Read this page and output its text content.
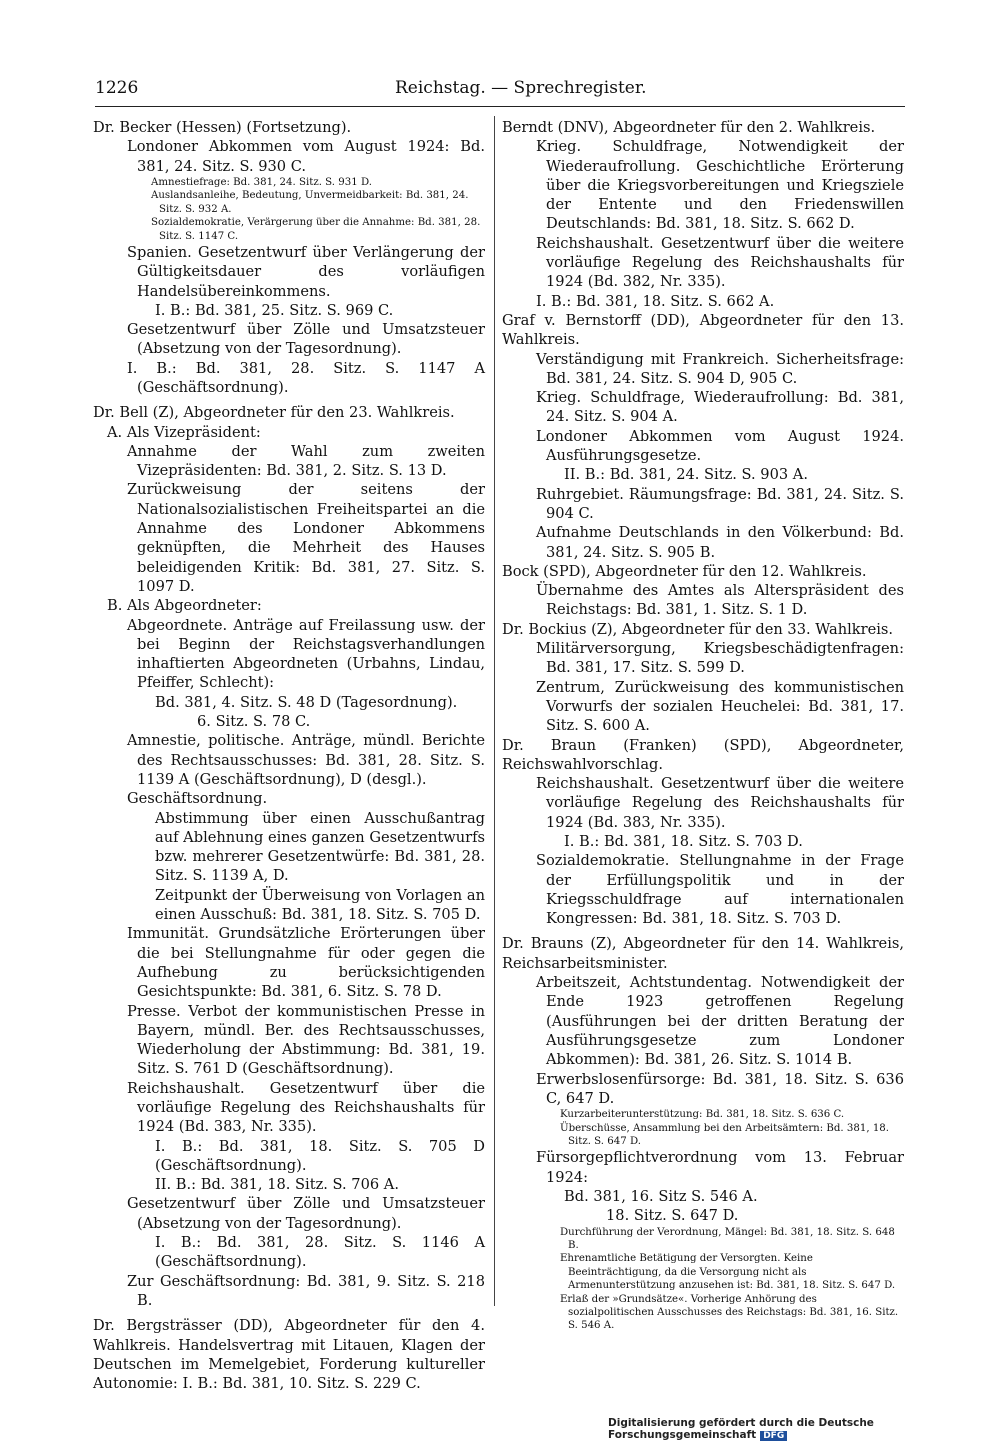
1226	Reichstag. — Sprechregister.
Dr. Becker (Hessen) (Fortsetzung).
Londoner Abkommen vom August 1924: Bd. 381, 24. Sitz. S. 930 C.
Amnestiefrage: Bd. 381, 24. Sitz. S. 931 D.
Auslandsanleihe, Bedeutung, Unvermeidbarkeit: Bd. 381, 24. Sitz. S. 932 A.
Sozialdemokratie, Verärgerung über die Annahme: Bd. 381, 28. Sitz. S. 1147 C.
Spanien. Gesetzentwurf über Verlängerung der Gültigkeitsdauer des vorläufigen Handelsübereinkommens.
I. B.: Bd. 381, 25. Sitz. S. 969 C.
Gesetzentwurf über Zölle und Umsatzsteuer (Absetzung von der Tagesordnung).
I. B.: Bd. 381, 28. Sitz. S. 1147 A (Geschäftsordnung).
Dr. Bell (Z), Abgeordneter für den 23. Wahlkreis.
A. Als Vizepräsident:
Annahme der Wahl zum zweiten Vizepräsidenten: Bd. 381, 2. Sitz. S. 13 D.
Zurückweisung der seitens der Nationalsozialistischen Freiheitspartei an die Annahme des Londoner Abkommens geknüpften, die Mehrheit des Hauses beleidigenden Kritik: Bd. 381, 27. Sitz. S. 1097 D.
B. Als Abgeordneter:
Abgeordnete. Anträge auf Freilassung usw. der bei Beginn der Reichstagsverhandlungen inhaftierten Abgeordneten (Urbahns, Lindau, Pfeiffer, Schlecht):
Bd. 381, 4. Sitz. S. 48 D (Tagesordnung).
6. Sitz. S. 78 C.
Amnestie, politische. Anträge, mündl. Berichte des Rechtsausschusses: Bd. 381, 28. Sitz. S. 1139 A (Geschäftsordnung), D (desgl.).
Geschäftsordnung.
Abstimmung über einen Ausschußantrag auf Ablehnung eines ganzen Gesetzentwurfs bzw. mehrerer Gesetzentwürfe: Bd. 381, 28. Sitz. S. 1139 A, D.
Zeitpunkt der Überweisung von Vorlagen an einen Ausschuß: Bd. 381, 18. Sitz. S. 705 D.
Immunität. Grundsätzliche Erörterungen über die bei Stellungnahme für oder gegen die Aufhebung zu berücksichtigenden Gesichtspunkte: Bd. 381, 6. Sitz. S. 78 D.
Presse. Verbot der kommunistischen Presse in Bayern, mündl. Ber. des Rechtsausschusses, Wiederholung der Abstimmung: Bd. 381, 19. Sitz. S. 761 D (Geschäftsordnung).
Reichshaushalt. Gesetzentwurf über die vorläufige Regelung des Reichshaushalts für 1924 (Bd. 383, Nr. 335).
I. B.: Bd. 381, 18. Sitz. S. 705 D (Geschäftsordnung).
II. B.: Bd. 381, 18. Sitz. S. 706 A.
Gesetzentwurf über Zölle und Umsatzsteuer (Absetzung von der Tagesordnung).
I. B.: Bd. 381, 28. Sitz. S. 1146 A (Geschäftsordnung).
Zur Geschäftsordnung: Bd. 381, 9. Sitz. S. 218 B.
Dr. Bergsträsser (DD), Abgeordneter für den 4. Wahlkreis. Handelsvertrag mit Litauen, Klagen der Deutschen im Memelgebiet, Forderung kultureller Autonomie: I. B.: Bd. 381, 10. Sitz. S. 229 C.
Berndt (DNV), Abgeordneter für den 2. Wahlkreis.
Krieg. Schuldfrage, Notwendigkeit der Wiederaufrollung. Geschichtliche Erörterung über die Kriegsvorbereitungen und Kriegsziele der Entente und den Friedenswillen Deutschlands: Bd. 381, 18. Sitz. S. 662 D.
Reichshaushalt. Gesetzentwurf über die weitere vorläufige Regelung des Reichshaushalts für 1924 (Bd. 382, Nr. 335).
I. B.: Bd. 381, 18. Sitz. S. 662 A.
Graf v. Bernstorff (DD), Abgeordneter für den 13. Wahlkreis.
Verständigung mit Frankreich. Sicherheitsfrage: Bd. 381, 24. Sitz. S. 904 D, 905 C.
Krieg. Schuldfrage, Wiederaufrollung: Bd. 381, 24. Sitz. S. 904 A.
Londoner Abkommen vom August 1924. Ausführungsgesetze.
II. B.: Bd. 381, 24. Sitz. S. 903 A.
Ruhrgebiet. Räumungsfrage: Bd. 381, 24. Sitz. S. 904 C.
Aufnahme Deutschlands in den Völkerbund: Bd. 381, 24. Sitz. S. 905 B.
Bock (SPD), Abgeordneter für den 12. Wahlkreis.
Übernahme des Amtes als Alterspräsident des Reichstags: Bd. 381, 1. Sitz. S. 1 D.
Dr. Bockius (Z), Abgeordneter für den 33. Wahlkreis.
Militärversorgung, Kriegsbeschädigtenfragen: Bd. 381, 17. Sitz. S. 599 D.
Zentrum, Zurückweisung des kommunistischen Vorwurfs der sozialen Heuchelei: Bd. 381, 17. Sitz. S. 600 A.
Dr. Braun (Franken) (SPD), Abgeordneter, Reichswahlvorschlag.
Reichshaushalt. Gesetzentwurf über die weitere vorläufige Regelung des Reichshaushalts für 1924 (Bd. 383, Nr. 335).
I. B.: Bd. 381, 18. Sitz. S. 703 D.
Sozialdemokratie. Stellungnahme in der Frage der Erfüllungspolitik und in der Kriegsschuldfrage auf internationalen Kongressen: Bd. 381, 18. Sitz. S. 703 D.
Dr. Brauns (Z), Abgeordneter für den 14. Wahlkreis, Reichsarbeitsminister.
Arbeitszeit, Achtstundentag. Notwendigkeit der Ende 1923 getroffenen Regelung (Ausführungen bei der dritten Beratung der Ausführungsgesetze zum Londoner Abkommen): Bd. 381, 26. Sitz. S. 1014 B.
Erwerbslosenfürsorge: Bd. 381, 18. Sitz. S. 636 C, 647 D.
Kurzarbeiterunterstützung: Bd. 381, 18. Sitz. S. 636 C.
Überschüsse, Ansammlung bei den Arbeitsämtern: Bd. 381, 18. Sitz. S. 647 D.
Fürsorgepflichtverordnung vom 13. Februar 1924:
Bd. 381, 16. Sitz S. 546 A.
18. Sitz. S. 647 D.
Durchführung der Verordnung, Mängel: Bd. 381, 18. Sitz. S. 648 B.
Ehrenamtliche Betätigung der Versorgten. Keine Beeinträchtigung, da die Versorgung nicht als Armenunterstützung anzusehen ist: Bd. 381, 18. Sitz. S. 647 D.
Erlaß der »Grundsätze«. Vorherige Anhörung des sozialpolitischen Ausschusses des Reichstags: Bd. 381, 16. Sitz. S. 546 A.
Digitalisierung gefördert durch die Deutsche Forschungsgemeinschaft DFG
